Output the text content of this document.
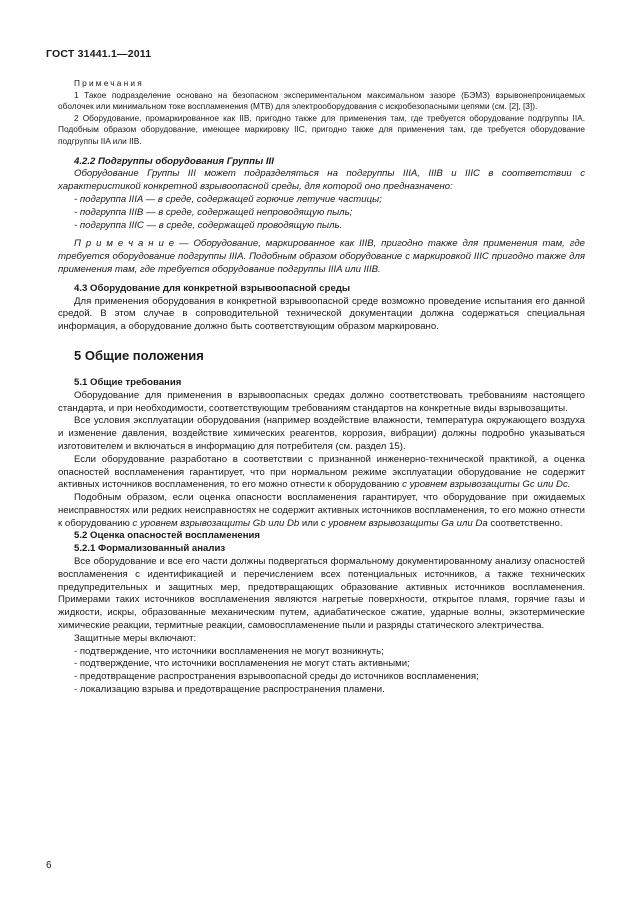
ГОСТ 31441.1—2011

Примечания

1 Такое подразделение основано на безопасном экспериментальном максимальном зазоре (БЭМЗ) взрывонепроницаемых оболочек или минимальном токе воспламенения (МТВ) для электрооборудования с искробезопасными цепями (см. [2], [3]).

2 Оборудование, промаркированное как IIB, пригодно также для применения там, где требуется оборудование подгруппы IIA. Подобным образом оборудование, имеющее маркировку IIC, пригодно также для применения там, где требуется оборудование подгруппы IIA или IIB.

4.2.2 Подгруппы оборудования Группы III

Оборудование Группы III может подразделяться на подгруппы IIIA, IIIB и IIIC в соответствии с характеристикой конкретной взрывоопасной среды, для которой оно предназначено:

- подгруппа IIIA — в среде, содержащей горючие летучие частицы;

- подгруппа IIIB — в среде, содержащей непроводящую пыль;

- подгруппа IIIC — в среде, содержащей проводящую пыль.

П р и м е ч а н и е — Оборудование, маркированное как IIIB, пригодно также для применения там, где требуется оборудование подгруппы IIIA. Подобным образом оборудование с маркировкой IIIC пригодно также для применения там, где требуется оборудование подгруппы IIIA или IIIB.

4.3 Оборудование для конкретной взрывоопасной среды

Для применения оборудования в конкретной взрывоопасной среде возможно проведение испытания его данной средой. В этом случае в сопроводительной технической документации должна содержаться специальная информация, а оборудование должно быть соответствующим образом маркировано.

5 Общие положения

5.1 Общие требования

Оборудование для применения в взрывоопасных средах должно соответствовать требованиям настоящего стандарта, и при необходимости, соответствующим требованиям стандартов на конкретные виды взрывозащиты.

Все условия эксплуатации оборудования (например воздействие влажности, температура окружающего воздуха и изменение давления, воздействие химических реагентов, коррозия, вибрации) должны подробно указываться изготовителем и включаться в информацию для потребителя (см. раздел 15).

Если оборудование разработано в соответствии с признанной инженерно-технической практикой, а оценка опасностей воспламенения гарантирует, что при нормальном режиме эксплуатации оборудование не содержит активных источников воспламенения, то его можно отнести к оборудованию с уровнем взрывозащиты Gc или Dc.

Подобным образом, если оценка опасности воспламенения гарантирует, что оборудование при ожидаемых неисправностях или редких неисправностях не содержит активных источников воспламенения, то его можно отнести к оборудованию с уровнем взрывозащиты Gb или Db или с уровнем взрывозащиты Ga или Da соответственно.

5.2 Оценка опасностей воспламенения

5.2.1 Формализованный анализ

Все оборудование и все его части должны подвергаться формальному документированному анализу опасностей воспламенения с идентификацией и перечислением всех потенциальных источников, а также технических предупредительных и защитных мер, предотвращающих образование активных источников воспламенения. Примерами таких источников воспламенения являются нагретые поверхности, открытое пламя, горячие газы и жидкости, искры, образованные механическим путем, адиабатическое сжатие, ударные волны, экзотермические химические реакции, термитные реакции, самовоспламенение пыли и разряды статического электричества.

Защитные меры включают:

- подтверждение, что источники воспламенения не могут возникнуть;

- подтверждение, что источники воспламенения не могут стать активными;

- предотвращение распространения взрывоопасной среды до источников воспламенения;

- локализацию взрыва и предотвращение распространения пламени.

6
